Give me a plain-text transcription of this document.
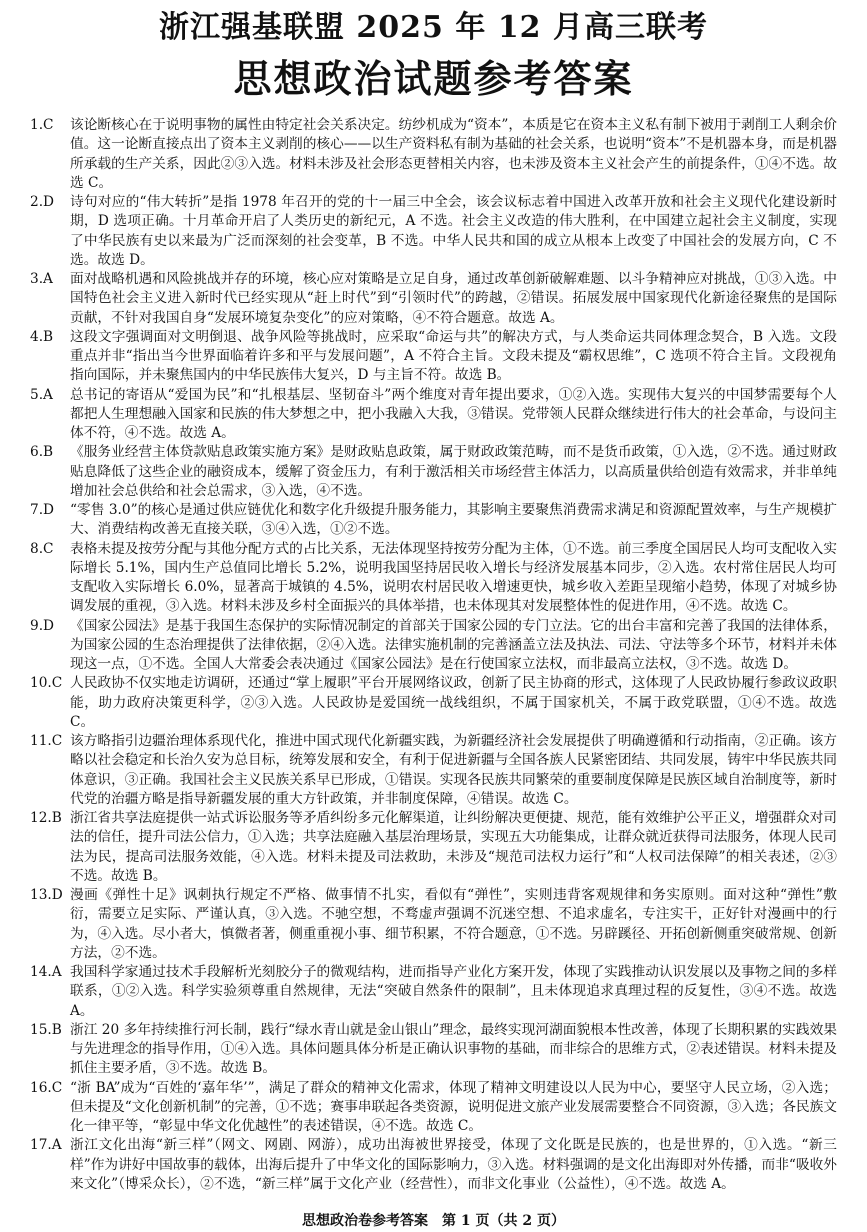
浙江强基联盟 2025 年 12 月高三联考
思想政治试题参考答案
1.C	该论断核心在于说明事物的属性由特定社会关系决定。纺纱机成为“资本”，本质是它在资本主义私有制下被用于剥削工人剩余价值。这一论断直接点出了资本主义剥削的核心——以生产资料私有制为基础的社会关系，也说明“资本”不是机器本身，而是机器所承载的生产关系，因此②③入选。材料未涉及社会形态更替相关内容，也未涉及资本主义社会产生的前提条件，①④不选。故选 C。
2.D	诗句对应的“伟大转折”是指 1978 年召开的党的十一届三中全会，该会议标志着中国进入改革开放和社会主义现代化建设新时期，D 选项正确。十月革命开启了人类历史的新纪元，A 不选。社会主义改造的伟大胜利，在中国建立起社会主义制度，实现了中华民族有史以来最为广泛而深刻的社会变革，B 不选。中华人民共和国的成立从根本上改变了中国社会的发展方向，C 不选。故选 D。
3.A	面对战略机遇和风险挑战并存的环境，核心应对策略是立足自身，通过改革创新破解难题、以斗争精神应对挑战，①③入选。中国特色社会主义进入新时代已经实现从“赶上时代”到“引领时代”的跨越，②错误。拓展发展中国家现代化新途径聚焦的是国际贡献，不针对我国自身“发展环境复杂变化”的应对策略，④不符合题意。故选 A。
4.B	这段文字强调面对文明倒退、战争风险等挑战时，应采取“命运与共”的解决方式，与人类命运共同体理念契合，B 入选。文段重点并非“指出当今世界面临着许多和平与发展问题”，A 不符合主旨。文段未提及“霸权思维”，C 选项不符合主旨。文段视角指向国际，并未聚焦国内的中华民族伟大复兴，D 与主旨不符。故选 B。
5.A	总书记的寄语从“爱国为民”和“扎根基层、坚韧奋斗”两个维度对青年提出要求，①②入选。实现伟大复兴的中国梦需要每个人都把人生理想融入国家和民族的伟大梦想之中，把小我融入大我，③错误。党带领人民群众继续进行伟大的社会革命，与设问主体不符，④不选。故选 A。
6.B	《服务业经营主体贷款贴息政策实施方案》是财政贴息政策，属于财政政策范畴，而不是货币政策，①入选，②不选。通过财政贴息降低了这些企业的融资成本，缓解了资金压力，有利于激活相关市场经营主体活力，以高质量供给创造有效需求，并非单纯增加社会总供给和社会总需求，③入选，④不选。
7.D	“零售 3.0”的核心是通过供应链优化和数字化升级提升服务能力，其影响主要聚焦消费需求满足和资源配置效率，与生产规模扩大、消费结构改善无直接关联，③④入选，①②不选。
8.C	表格未提及按劳分配与其他分配方式的占比关系，无法体现坚持按劳分配为主体，①不选。前三季度全国居民人均可支配收入实际增长 5.1%，国内生产总值同比增长 5.2%，说明我国坚持居民收入增长与经济发展基本同步，②入选。农村常住居民人均可支配收入实际增长 6.0%，显著高于城镇的 4.5%，说明农村居民收入增速更快，城乡收入差距呈现缩小趋势，体现了对城乡协调发展的重视，③入选。材料未涉及乡村全面振兴的具体举措，也未体现其对发展整体性的促进作用，④不选。故选 C。
9.D	《国家公园法》是基于我国生态保护的实际情况制定的首部关于国家公园的专门立法。它的出台丰富和完善了我国的法律体系，为国家公园的生态治理提供了法律依据，②④入选。法律实施机制的完善涵盖立法及执法、司法、守法等多个环节，材料并未体现这一点，①不选。全国人大常委会表决通过《国家公园法》是在行使国家立法权，而非最高立法权，③不选。故选 D。
10.C 人民政协不仅实地走访调研，还通过“掌上履职”平台开展网络议政，创新了民主协商的形式，这体现了人民政协履行参政议政职能，助力政府决策更科学，②③入选。人民政协是爱国统一战线组织，不属于国家机关，不属于政党联盟，①④不选。故选 C。
11.C 该方略指引边疆治理体系现代化，推进中国式现代化新疆实践，为新疆经济社会发展提供了明确遵循和行动指南，②正确。该方略以社会稳定和长治久安为总目标，统筹发展和安全，有利于促进新疆与全国各族人民紧密团结、共同发展，铸牢中华民族共同体意识，③正确。我国社会主义民族关系早已形成，①错误。实现各民族共同繁荣的重要制度保障是民族区域自治制度等，新时代党的治疆方略是指导新疆发展的重大方针政策，并非制度保障，④错误。故选 C。
12.B 浙江省共享法庭提供一站式诉讼服务等矛盾纠纷多元化解渠道，让纠纷解决更便捷、规范，能有效维护公平正义，增强群众对司法的信任，提升司法公信力，①入选；共享法庭融入基层治理场景，实现五大功能集成，让群众就近获得司法服务，体现人民司法为民，提高司法服务效能，④入选。材料未提及司法救助，未涉及“规范司法权力运行”和“人权司法保障”的相关表述，②③不选。故选 B。
13.D 漫画《弹性十足》讽刺执行规定不严格、做事情不扎实，看似有“弹性”，实则违背客观规律和务实原则。面对这种“弹性”敷衍，需要立足实际、严谨认真，③入选。不驰空想，不骛虚声强调不沉迷空想、不追求虚名，专注实干，正好针对漫画中的行为，④入选。尽小者大，慎微者著，侧重重视小事、细节积累，不符合题意，①不选。另辟蹊径、开拓创新侧重突破常规、创新方法，②不选。
14.A 我国科学家通过技术手段解析光刻胶分子的微观结构，进而指导产业化方案开发，体现了实践推动认识发展以及事物之间的多样联系，①②入选。科学实验须尊重自然规律，无法“突破自然条件的限制”，且未体现追求真理过程的反复性，③④不选。故选 A。
15.B 浙江 20 多年持续推行河长制，践行“绿水青山就是金山银山”理念，最终实现河湖面貌根本性改善，体现了长期积累的实践效果与先进理念的指导作用，①④入选。具体问题具体分析是正确认识事物的基础，而非综合的思维方式，②表述错误。材料未提及抓住主要矛盾，③不选。故选 B。
16.C “浙 BA”成为“百姓的‘嘉年华’”，满足了群众的精神文化需求，体现了精神文明建设以人民为中心，要坚守人民立场，②入选；但未提及“文化创新机制”的完善，①不选；赛事串联起各类资源，说明促进文旅产业发展需要整合不同资源，③入选；各民族文化一律平等，“彰显中华文化优越性”的表述错误，④不选。故选 C。
17.A 浙江文化出海“新三样”（网文、网剧、网游），成功出海被世界接受，体现了文化既是民族的，也是世界的，①入选。“新三样”作为讲好中国故事的载体，出海后提升了中华文化的国际影响力，③入选。材料强调的是文化出海即对外传播，而非“吸收外来文化”（博采众长），②不选，“新三样”属于文化产业（经营性），而非文化事业（公益性），④不选。故选 A。
思想政治卷参考答案　第 1 页（共 2 页）
